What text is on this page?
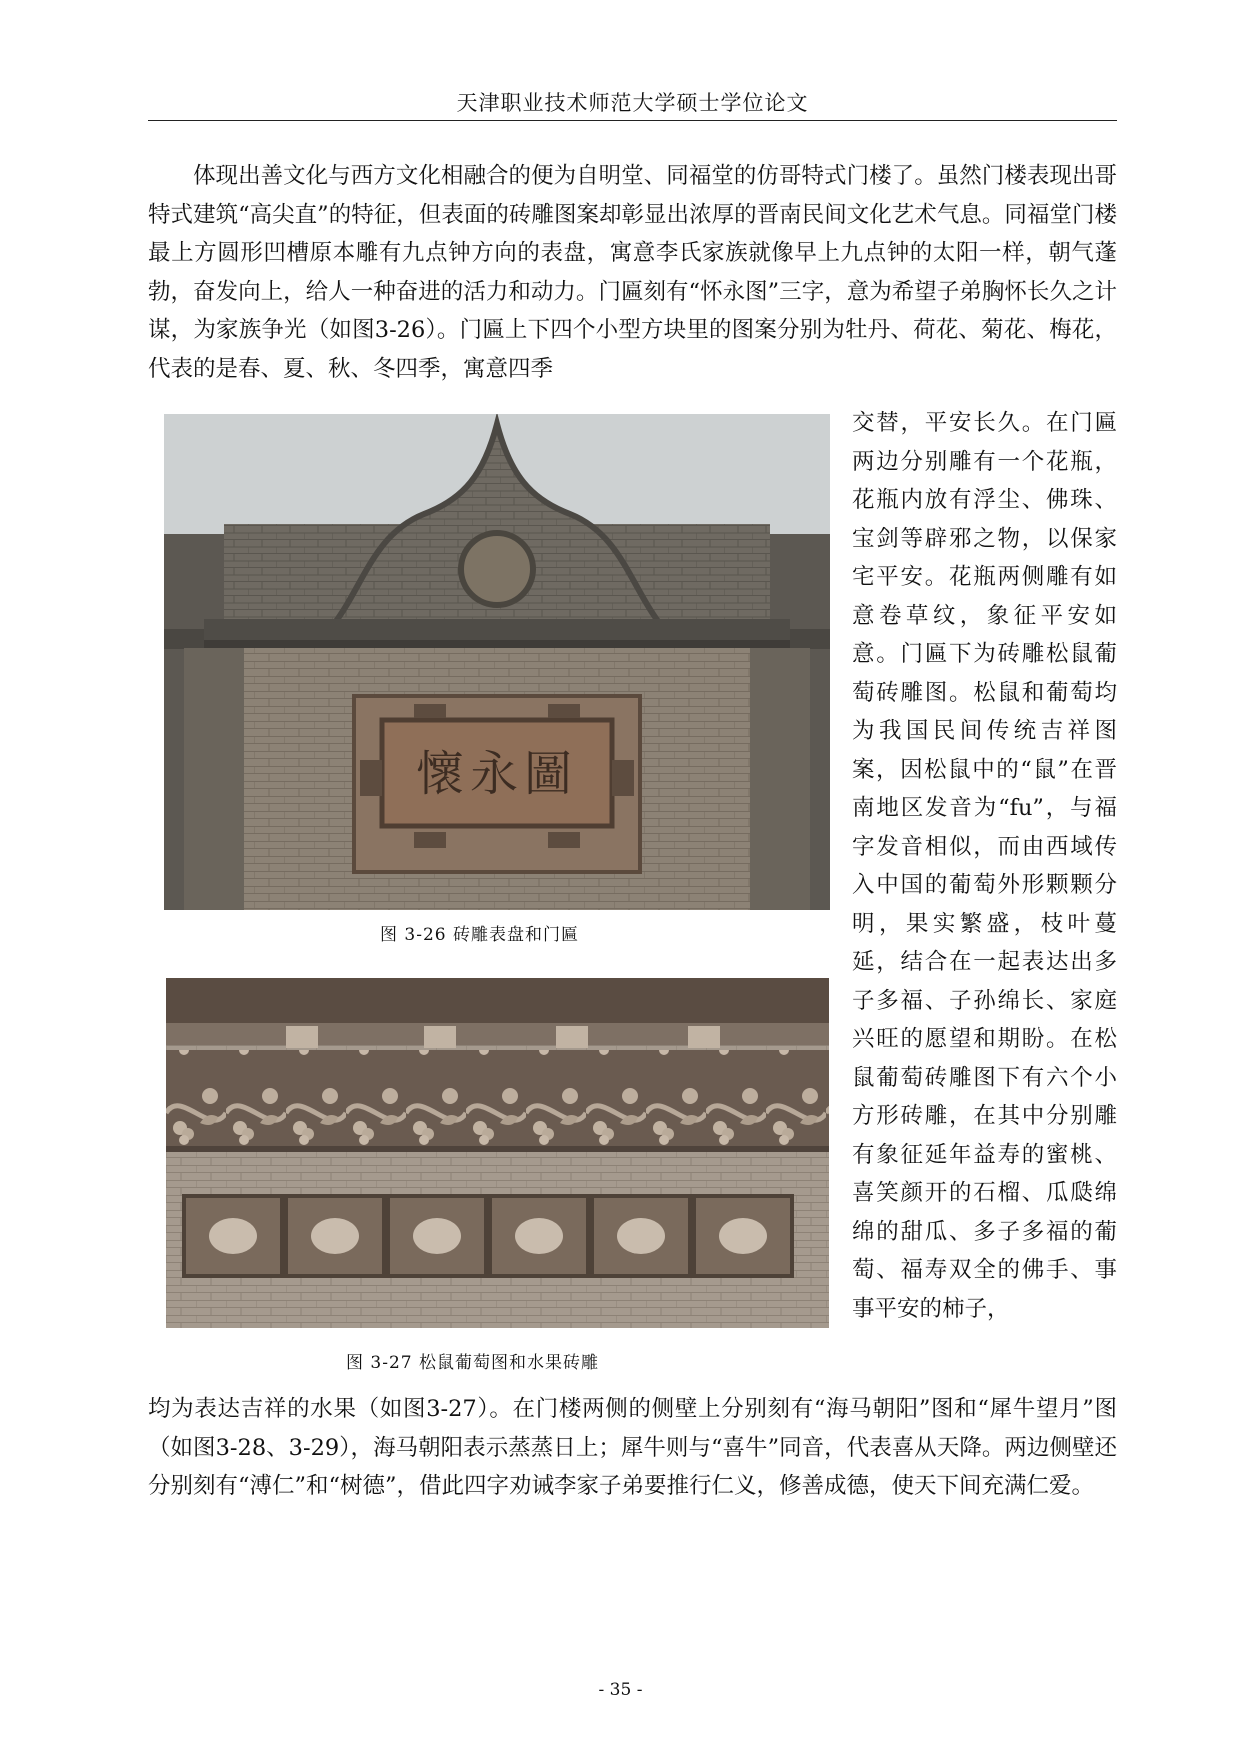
天津职业技术师范大学硕士学位论文

体现出善文化与西方文化相融合的便为自明堂、同福堂的仿哥特式门楼了。虽然门楼表现出哥特式建筑“高尖直”的特征，但表面的砖雕图案却彰显出浓厚的晋南民间文化艺术气息。同福堂门楼最上方圆形凹槽原本雕有九点钟方向的表盘，寓意李氏家族就像早上九点钟的太阳一样，朝气蓬勃，奋发向上，给人一种奋进的活力和动力。门匾刻有“怀永图”三字，意为希望子弟胸怀长久之计谋，为家族争光（如图3-26）。门匾上下四个小型方块里的图案分别为牡丹、荷花、菊花、梅花，代表的是春、夏、秋、冬四季，寓意四季

懷永圖
图 3-26 砖雕表盘和门匾
图 3-27 松鼠葡萄图和水果砖雕

交替，平安长久。在门匾两边分别雕有一个花瓶，花瓶内放有浮尘、佛珠、宝剑等辟邪之物，以保家宅平安。花瓶两侧雕有如意卷草纹，象征平安如意。门匾下为砖雕松鼠葡萄砖雕图。松鼠和葡萄均为我国民间传统吉祥图案，因松鼠中的“鼠”在晋南地区发音为“fu”，与福字发音相似，而由西域传入中国的葡萄外形颗颗分明，果实繁盛，枝叶蔓延，结合在一起表达出多子多福、子孙绵长、家庭兴旺的愿望和期盼。在松鼠葡萄砖雕图下有六个小方形砖雕，在其中分别雕有象征延年益寿的蜜桃、喜笑颜开的石榴、瓜瓞绵绵的甜瓜、多子多福的葡萄、福寿双全的佛手、事事平安的柿子，

均为表达吉祥的水果（如图3-27）。在门楼两侧的侧壁上分别刻有“海马朝阳”图和“犀牛望月”图（如图3-28、3-29），海马朝阳表示蒸蒸日上；犀牛则与“喜牛”同音，代表喜从天降。两边侧壁还分别刻有“溥仁”和“树德”，借此四字劝诫李家子弟要推行仁义，修善成德，使天下间充满仁爱。

- 35 -
